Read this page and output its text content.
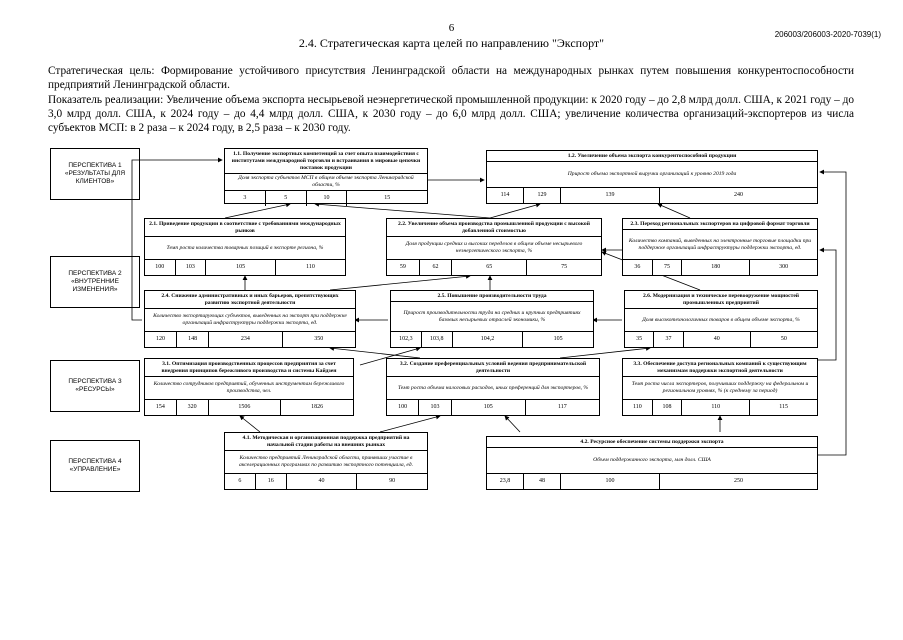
6
206003/206003-2020-7039(1)
2.4. Стратегическая карта целей по направлению "Экспорт"
Стратегическая цель: Формирование устойчивого присутствия Ленинградской области на международных рынках путем повышения конкурентоспособности предприятий Ленинградской области.
Показатель реализации: Увеличение объема экспорта несырьевой неэнергетической промышленной продукции: к 2020 году – до 2,8 млрд долл. США, к 2021 году – до 3,0 млрд долл. США, к 2024 году – до 4,4 млрд долл. США, к 2030 году – до 6,0 млрд долл. США; увеличение количества организаций-экспортеров из числа субъектов МСП: в 2 раза – к 2024 году, в 2,5 раза – к 2030 году.
ПЕРСПЕКТИВА 1 «РЕЗУЛЬТАТЫ ДЛЯ КЛИЕНТОВ»
ПЕРСПЕКТИВА 2 «ВНУТРЕННИЕ ИЗМЕНЕНИЯ»
ПЕРСПЕКТИВА 3 «РЕСУРСЫ»
ПЕРСПЕКТИВА 4 «УПРАВЛЕНИЕ»
1.1. Получение экспортных компетенций за счет опыта взаимодействия с институтами международной торговли и встраивания в мировые цепочки поставок продукции
Доля экспорта субъектов МСП в общем объеме экспорта Ленинградской области, %
3	5	10	15
1.2. Увеличение объема экспорта конкурентоспособной продукции
Прирост объема экспортной выручки организаций к уровню 2019 года
114	129	139	240
2.1. Приведение продукции в соответствие с требованиями международных рынков
Темп роста количества товарных позиций в экспорте региона, %
100	103	105	110
2.2. Увеличение объема производства промышленной продукции с высокой добавленной стоимостью
Доля продукции средних и высоких переделов в общем объеме несырьевого неэнергетического экспорта, %
59	62	65	75
2.3. Переход региональных экспортеров на цифровой формат торговли
Количество компаний, выведенных на электронные торговые площадки при поддержке организаций инфраструктуры поддержки экспорта, ед.
36	75	180	300
2.4. Снижение административных и иных барьеров, препятствующих развитию экспортной деятельности
Количество экспортирующих субъектов, выведенных на экспорт при поддержке организаций инфраструктуры поддержки экспорта, ед.
120	148	234	350
2.5. Повышение производительности труда
Прирост производительности труда на средних и крупных предприятиях базовых несырьевых отраслей экономики, %
102,3	103,8	104,2	105
2.6. Модернизация и техническое перевооружение мощностей промышленных предприятий
Доля высокотехнологичных товаров в общем объеме экспорта, %
35	37	40	50
3.1. Оптимизация производственных процессов предприятия за счет внедрения принципов бережливого производства и системы Кайдзен
Количество сотрудников предприятий, обученных инструментам бережливого производства, чел.
154	320	1506	1826
3.2. Создание преференциальных условий ведения предпринимательской деятельности
Темп роста объема налоговых расходов, иных преференций для экспортеров, %
100	103	105	117
3.3. Обеспечение доступа региональных компаний к существующим механизмам поддержки экспортной деятельности
Темп роста числа экспортеров, получивших поддержку на федеральном и региональном уровнях, % (к среднему за период)
110	108	110	115
4.1. Методическая и организационная поддержка предприятий на начальной стадии работы на внешних рынках
Количество предприятий Ленинградской области, принявших участие в акселерационных программах по развитию экспортного потенциала, ед.
6	16	40	90
4.2. Ресурсное обеспечение системы поддержки экспорта
Объем поддержанного экспорта, млн долл. США
23,8	48	100	250
